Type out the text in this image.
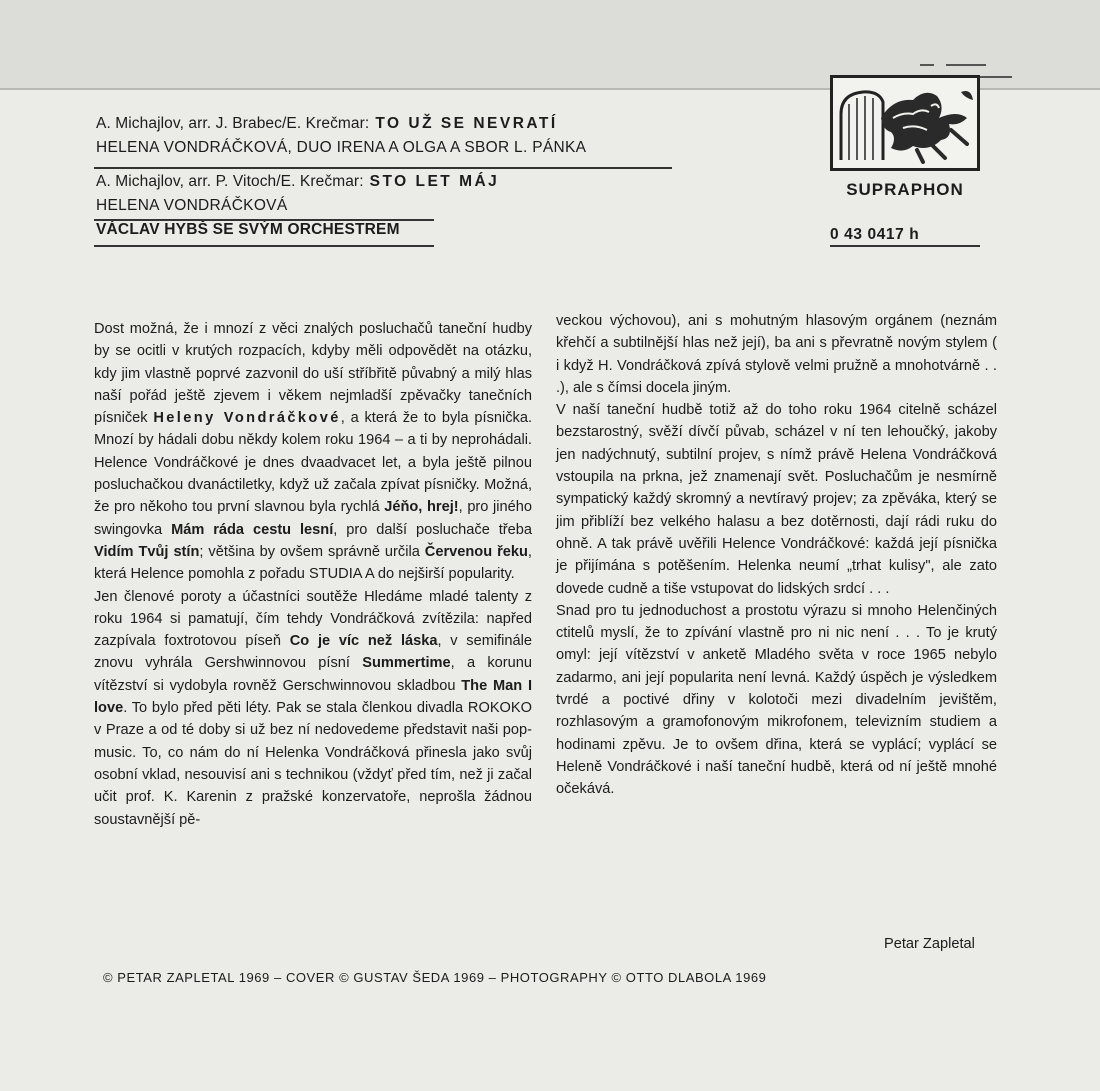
A. Michajlov, arr. J. Brabec/E. Krečmar: TO UŽ SE NEVRATÍ
HELENA VONDRÁČKOVÁ, DUO IRENA A OLGA A SBOR L. PÁNKA
A. Michajlov, arr. P. Vitoch/E. Krečmar: STO LET MÁJ
HELENA VONDRÁČKOVÁ
VÁCLAV HYBŠ SE SVÝM ORCHESTREM
SUPRAPHON
0 43 0417 h

Dost možná, že i mnozí z věci znalých posluchačů taneční hudby by se ocitli v krutých rozpacích, kdyby měli odpovědět na otázku, kdy jim vlastně poprvé zazvonil do uší stříbřitě půvabný a milý hlas naší pořád ještě zjevem i věkem nejmladší zpěvačky tanečních písniček Heleny Vondráčkové, a která že to byla písnička. Mnozí by hádali dobu někdy kolem roku 1964 – a ti by neprohádali. Helence Vondráčkové je dnes dvaadvacet let, a byla ještě pilnou posluchačkou dvanáctiletky, když už začala zpívat písničky. Možná, že pro někoho tou první slavnou byla rychlá Jéňo, hrej!, pro jiného swingovka Mám ráda cestu lesní, pro další posluchače třeba Vidím Tvůj stín; většina by ovšem správně určila Červenou řeku, která Helence pomohla z pořadu STUDIA A do nejširší popularity.

Jen členové poroty a účastníci soutěže Hledáme mladé talenty z roku 1964 si pamatují, čím tehdy Vondráčková zvítězila: napřed zazpívala foxtrotovou píseň Co je víc než láska, v semifinále znovu vyhrála Gershwinnovou písní Summertime, a korunu vítězství si vydobyla rovněž Gerschwinnovou skladbou The Man I love. To bylo před pěti léty. Pak se stala členkou divadla ROKOKO v Praze a od té doby si už bez ní nedovedeme představit naši pop-music. To, co nám do ní Helenka Vondráčková přinesla jako svůj osobní vklad, nesouvisí ani s technikou (vždyť před tím, než ji začal učit prof. K. Karenin z pražské konzervatoře, neprošla žádnou soustavnější pě-

veckou výchovou), ani s mohutným hlasovým orgánem (neznám křehčí a subtilnější hlas než její), ba ani s převratně novým stylem ( i když H. Vondráčková zpívá stylově velmi pružně a mnohotvárně . . .), ale s čímsi docela jiným.

V naší taneční hudbě totiž až do toho roku 1964 citelně scházel bezstarostný, svěží dívčí půvab, scházel v ní ten lehoučký, jakoby jen nadýchnutý, subtilní projev, s nímž právě Helena Vondráčková vstoupila na prkna, jež znamenají svět. Posluchačům je nesmírně sympatický každý skromný a nevtíravý projev; za zpěváka, který se jim přiblíží bez velkého halasu a bez dotěrnosti, dají rádi ruku do ohně. A tak právě uvěřili Helence Vondráčkové: každá její písnička je přijímána s potěšením. Helenka neumí „trhat kulisy", ale zato dovede cudně a tiše vstupovat do lidských srdcí . . .

Snad pro tu jednoduchost a prostotu výrazu si mnoho Helenčiných ctitelů myslí, že to zpívání vlastně pro ni nic není . . . To je krutý omyl: její vítězství v anketě Mladého světa v roce 1965 nebylo zadarmo, ani její popularita není levná. Každý úspěch je výsledkem tvrdé a poctivé dřiny v kolotoči mezi divadelním jevištěm, rozhlasovým a gramofonovým mikrofonem, televizním studiem a hodinami zpěvu. Je to ovšem dřina, která se vyplácí; vyplácí se Heleně Vondráčkové i naší taneční hudbě, která od ní ještě mnohé očekává.

Petar Zapletal
© PETAR ZAPLETAL 1969 – COVER © GUSTAV ŠEDA 1969 – PHOTOGRAPHY © OTTO DLABOLA 1969
